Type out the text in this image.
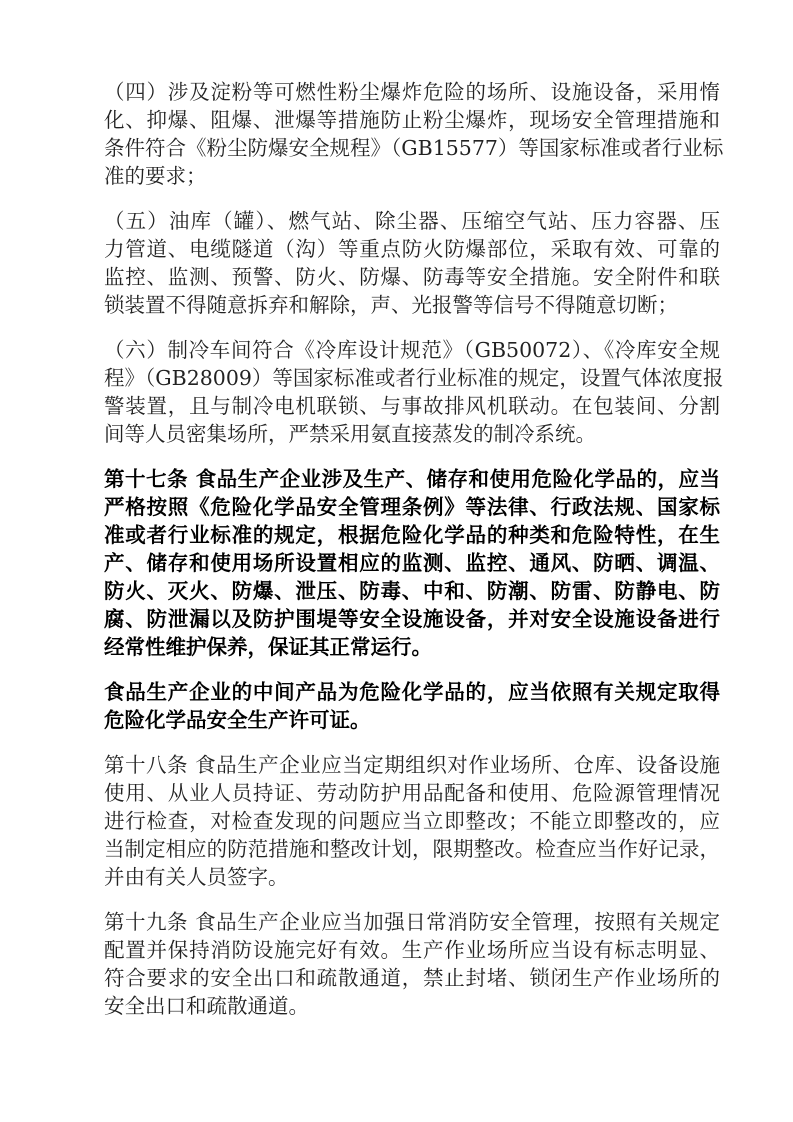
（四）涉及淀粉等可燃性粉尘爆炸危险的场所、设施设备，采用惰
化、抑爆、阻爆、泄爆等措施防止粉尘爆炸，现场安全管理措施和
条件符合《粉尘防爆安全规程》（GB15577）等国家标准或者行业标
准的要求；
（五）油库（罐）、燃气站、除尘器、压缩空气站、压力容器、压
力管道、电缆隧道（沟）等重点防火防爆部位，采取有效、可靠的
监控、监测、预警、防火、防爆、防毒等安全措施。安全附件和联
锁装置不得随意拆弃和解除，声、光报警等信号不得随意切断；
（六）制冷车间符合《冷库设计规范》（GB50072）、《冷库安全规
程》（GB28009）等国家标准或者行业标准的规定，设置气体浓度报
警装置，且与制冷电机联锁、与事故排风机联动。在包装间、分割
间等人员密集场所，严禁采用氨直接蒸发的制冷系统。
第十七条 食品生产企业涉及生产、储存和使用危险化学品的，应当
严格按照《危险化学品安全管理条例》等法律、行政法规、国家标
准或者行业标准的规定，根据危险化学品的种类和危险特性，在生
产、储存和使用场所设置相应的监测、监控、通风、防晒、调温、
防火、灭火、防爆、泄压、防毒、中和、防潮、防雷、防静电、防
腐、防泄漏以及防护围堤等安全设施设备，并对安全设施设备进行
经常性维护保养，保证其正常运行。
食品生产企业的中间产品为危险化学品的，应当依照有关规定取得
危险化学品安全生产许可证。
第十八条 食品生产企业应当定期组织对作业场所、仓库、设备设施
使用、从业人员持证、劳动防护用品配备和使用、危险源管理情况
进行检查，对检查发现的问题应当立即整改；不能立即整改的，应
当制定相应的防范措施和整改计划，限期整改。检查应当作好记录，
并由有关人员签字。
第十九条 食品生产企业应当加强日常消防安全管理，按照有关规定
配置并保持消防设施完好有效。生产作业场所应当设有标志明显、
符合要求的安全出口和疏散通道，禁止封堵、锁闭生产作业场所的
安全出口和疏散通道。
